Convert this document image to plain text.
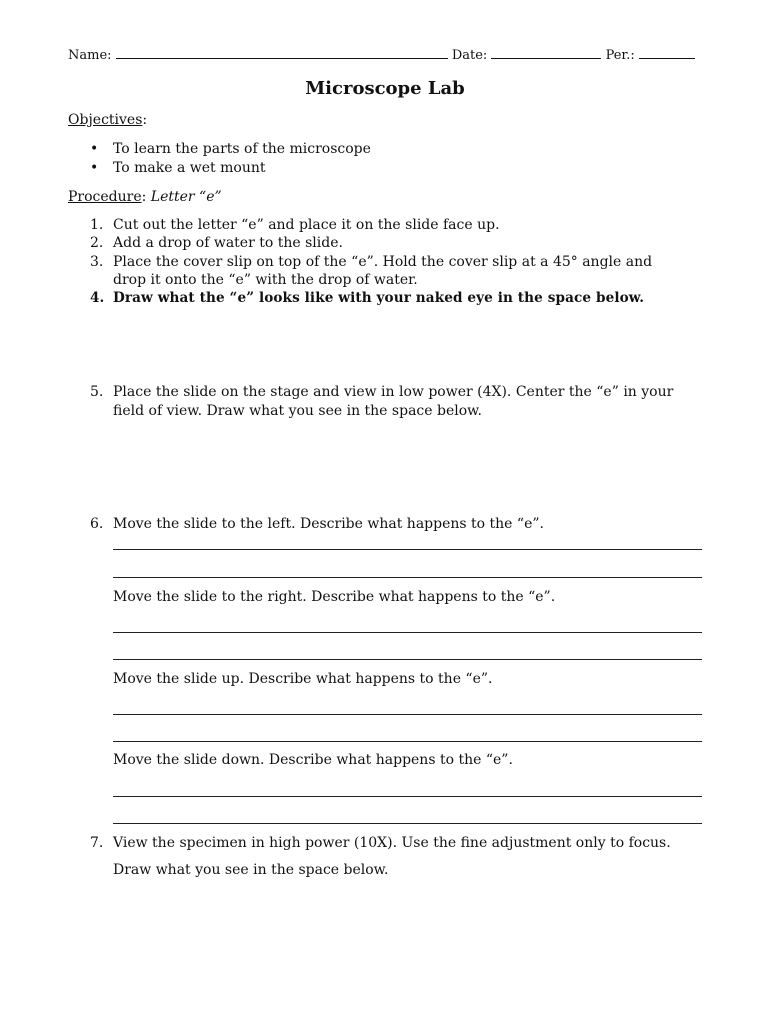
Name:	Date:	Per.:
Microscope Lab
Objectives:
• To learn the parts of the microscope
• To make a wet mount
Procedure: Letter “e”
1. Cut out the letter “e” and place it on the slide face up.
2. Add a drop of water to the slide.
3. Place the cover slip on top of the “e”. Hold the cover slip at a 45° angle and
drop it onto the “e” with the drop of water.
4. Draw what the “e” looks like with your naked eye in the space below.
5. Place the slide on the stage and view in low power (4X). Center the “e” in your
field of view. Draw what you see in the space below.
6. Move the slide to the left. Describe what happens to the “e”.
Move the slide to the right. Describe what happens to the “e”.
Move the slide up. Describe what happens to the “e”.
Move the slide down. Describe what happens to the “e”.
7. View the specimen in high power (10X). Use the fine adjustment only to focus.
Draw what you see in the space below.
